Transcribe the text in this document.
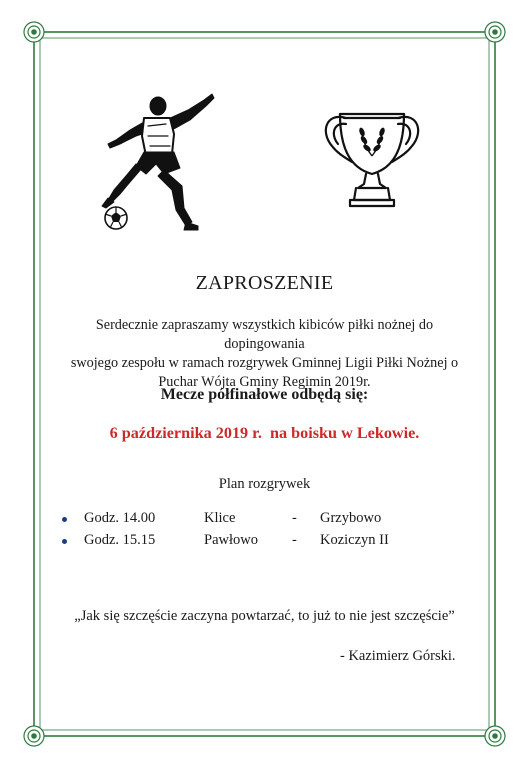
ZAPROSZENIE
Serdecznie zapraszamy wszystkich kibiców piłki nożnej do dopingowania
swojego zespołu w ramach rozgrywek Gminnej Ligii Piłki Nożnej o
Puchar Wójta Gminy Regimin 2019r.
Mecze półfinałowe odbędą się:
6 października 2019 r.  na boisku w Lekowie.
Plan rozgrywek
Godz. 14.00	Klice	- Grzybowo
Godz. 15.15	Pawłowo - Koziczyn II
„Jak się szczęście zaczyna powtarzać, to już to nie jest szczęście”
- Kazimierz Górski.
